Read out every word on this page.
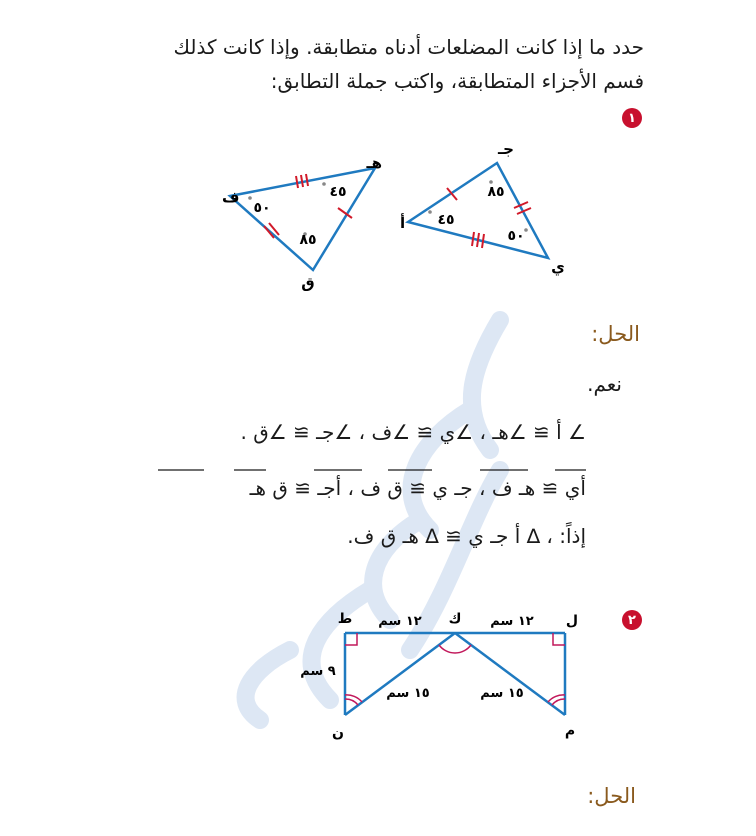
حدد ما إذا كانت المضلعات أدناه متطابقة. وإذا كانت كذلك
فسم الأجزاء المتطابقة، واكتب جملة التطابق:
١
ف
هـ
ق
أ
جـ
ي
٥٠
٤٥
٨٥
٤٥
٨٥
٥٠
الحل:
نعم.
∠ أ ≅ ∠هـ ، ∠ي ≅ ∠ف ، ∠جـ ≅ ∠ق .
أي ≅ هـ ف ، جـ ي ≅ ق ف ، أجـ ≅ ق هـ
إذاً: ، ∆ أ جـ ي ≅ ∆ هـ ق ف.
٢
ط	ك	ل
ن	م
١٢ سم	١٢ سم
٩ سم
١٥ سم	١٥ سم
الحل:
